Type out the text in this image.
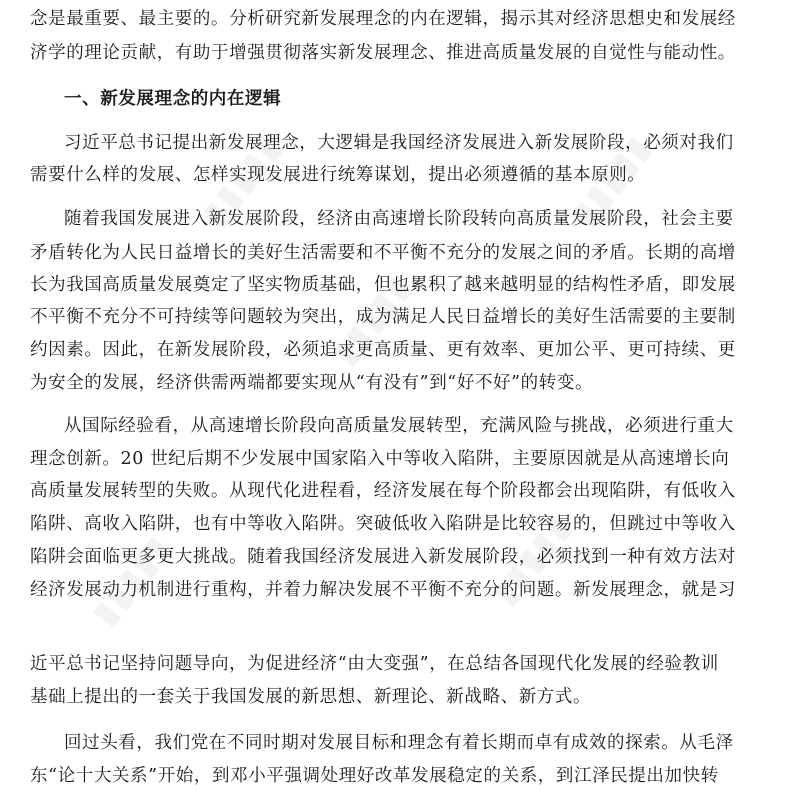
▮▮▮▮▮	▮▮▮▮▮
▮▮▮▮▮
▮▮▮▮▮	▮▮▮▮▮
念是最重要、最主要的。分析研究新发展理念的内在逻辑，揭示其对经济思想史和发展经
济学的理论贡献，有助于增强贯彻落实新发展理念、推进高质量发展的自觉性与能动性。
一、新发展理念的内在逻辑
习近平总书记提出新发展理念，大逻辑是我国经济发展进入新发展阶段，必须对我们
需要什么样的发展、怎样实现发展进行统筹谋划，提出必须遵循的基本原则。
随着我国发展进入新发展阶段，经济由高速增长阶段转向高质量发展阶段，社会主要
矛盾转化为人民日益增长的美好生活需要和不平衡不充分的发展之间的矛盾。长期的高增
长为我国高质量发展奠定了坚实物质基础，但也累积了越来越明显的结构性矛盾，即发展
不平衡不充分不可持续等问题较为突出，成为满足人民日益增长的美好生活需要的主要制
约因素。因此，在新发展阶段，必须追求更高质量、更有效率、更加公平、更可持续、更
为安全的发展，经济供需两端都要实现从“有没有”到“好不好”的转变。
从国际经验看，从高速增长阶段向高质量发展转型，充满风险与挑战，必须进行重大
理念创新。20 世纪后期不少发展中国家陷入中等收入陷阱，主要原因就是从高速增长向
高质量发展转型的失败。从现代化进程看，经济发展在每个阶段都会出现陷阱，有低收入
陷阱、高收入陷阱，也有中等收入陷阱。突破低收入陷阱是比较容易的，但跳过中等收入
陷阱会面临更多更大挑战。随着我国经济发展进入新发展阶段，必须找到一种有效方法对
经济发展动力机制进行重构，并着力解决发展不平衡不充分的问题。新发展理念，就是习
近平总书记坚持问题导向，为促进经济“由大变强”，在总结各国现代化发展的经验教训
基础上提出的一套关于我国发展的新思想、新理论、新战略、新方式。
回过头看，我们党在不同时期对发展目标和理念有着长期而卓有成效的探索。从毛泽
东“论十大关系”开始，到邓小平强调处理好改革发展稳定的关系，到江泽民提出加快转
